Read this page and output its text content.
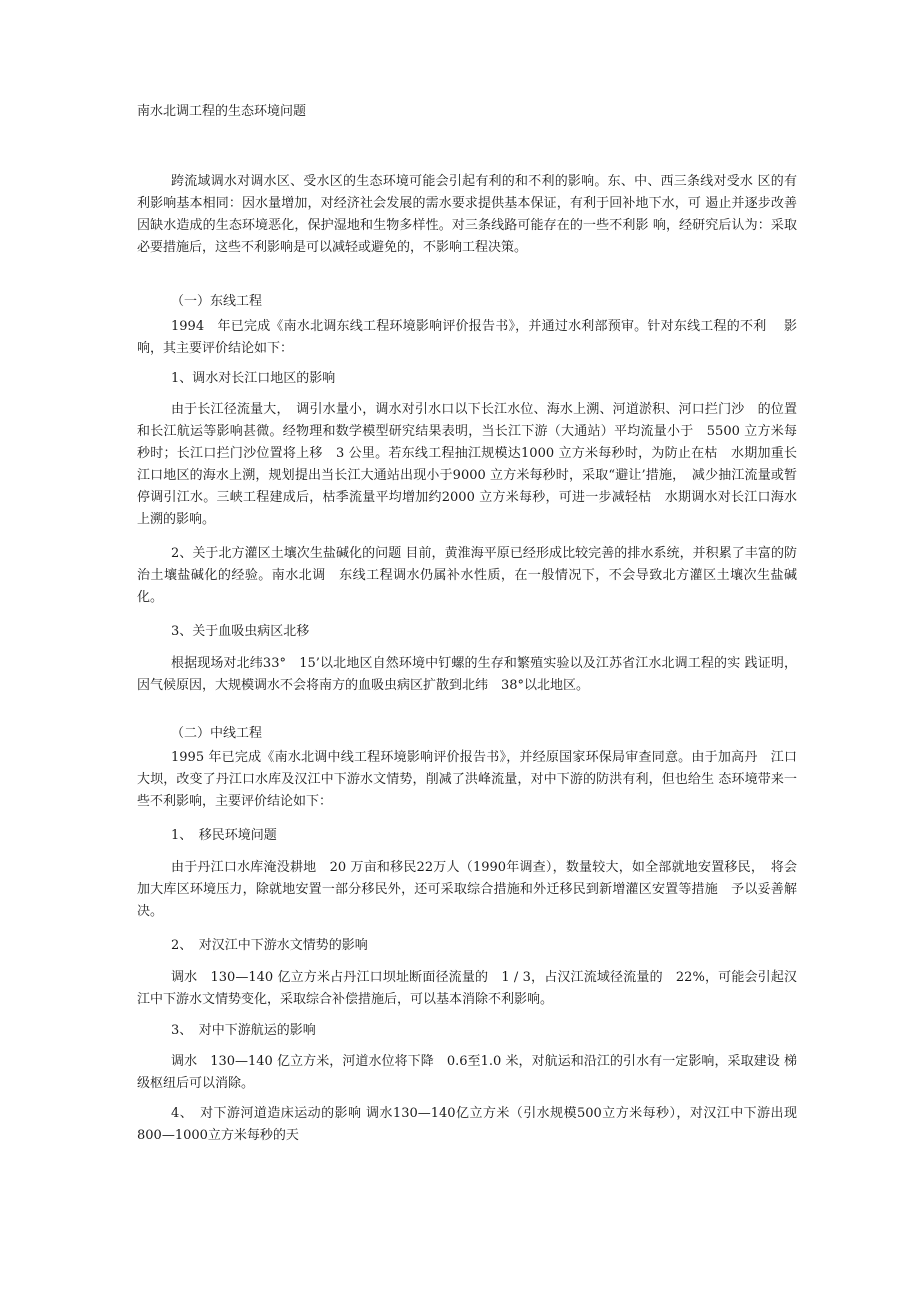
南水北调工程的生态环境问题
跨流域调水对调水区、受水区的生态环境可能会引起有利的和不利的影响。东、中、西三条线对受水 区的有利影响基本相同：因水量增加，对经济社会发展的需水要求提供基本保证，有利于回补地下水，可 遏止并逐步改善因缺水造成的生态环境恶化，保护湿地和生物多样性。对三条线路可能存在的一些不利影 响，经研究后认为：采取必要措施后，这些不利影响是可以减轻或避免的，不影响工程决策。
（一）东线工程
1994　年已完成《南水北调东线工程环境影响评价报告书》，并通过水利部预审。针对东线工程的不利　 影响，其主要评价结论如下：
1、调水对长江口地区的影响
由于长江径流量大，　调引水量小，调水对引水口以下长江水位、海水上溯、河道淤积、河口拦门沙　的位置和长江航运等影响甚微。经物理和数学模型研究结果表明，当长江下游（大通站）平均流量小于　5500 立方米每秒时；长江口拦门沙位置将上移　3 公里。若东线工程抽江规模达1000 立方米每秒时，为防止在枯　水期加重长江口地区的海水上溯，规划提出当长江大通站出现小于9000 立方米每秒时，采取“避让’措施，　减少抽江流量或暂停调引江水。三峡工程建成后，枯季流量平均增加约2000 立方米每秒，可进一步减轻枯　水期调水对长江口海水上溯的影响。
2、关于北方灌区土壤次生盐碱化的问题 目前，黄淮海平原已经形成比较完善的排水系统，并积累了丰富的防治土壤盐碱化的经验。南水北调　东线工程调水仍属补水性质，在一般情况下，不会导致北方灌区土壤次生盐碱化。
3、关于血吸虫病区北移
根据现场对北纬33°　15’以北地区自然环境中钉螺的生存和繁殖实验以及江苏省江水北调工程的实 践证明，因气候原因，大规模调水不会将南方的血吸虫病区扩散到北纬　38°以北地区。
（二）中线工程
1995 年已完成《南水北调中线工程环境影响评价报告书》，并经原国家环保局审查同意。由于加高丹　江口大坝，改变了丹江口水库及汉江中下游水文情势，削减了洪峰流量，对中下游的防洪有利，但也给生 态环境带来一些不利影响，主要评价结论如下：
1、　移民环境问题
由于丹江口水库淹没耕地　20 万亩和移民22万人（1990年调查），数量较大，如全部就地安置移民，　将会加大库区环境压力，除就地安置一部分移民外，还可采取综合措施和外迁移民到新增灌区安置等措施　予以妥善解决。
2、　对汉江中下游水文情势的影响
调水　130—140 亿立方米占丹江口坝址断面径流量的　1 / 3，占汉江流域径流量的　22%，可能会引起汉　江中下游水文情势变化，采取综合补偿措施后，可以基本消除不利影响。
3、　对中下游航运的影响
调水　130—140 亿立方米，河道水位将下降　0.6至1.0 米，对航运和沿江的引水有一定影响，采取建设 梯级枢纽后可以消除。
4、　对下游河道造床运动的影响 调水130—140亿立方米（引水规模500立方米每秒），对汉江中下游出现800—1000立方米每秒的天
